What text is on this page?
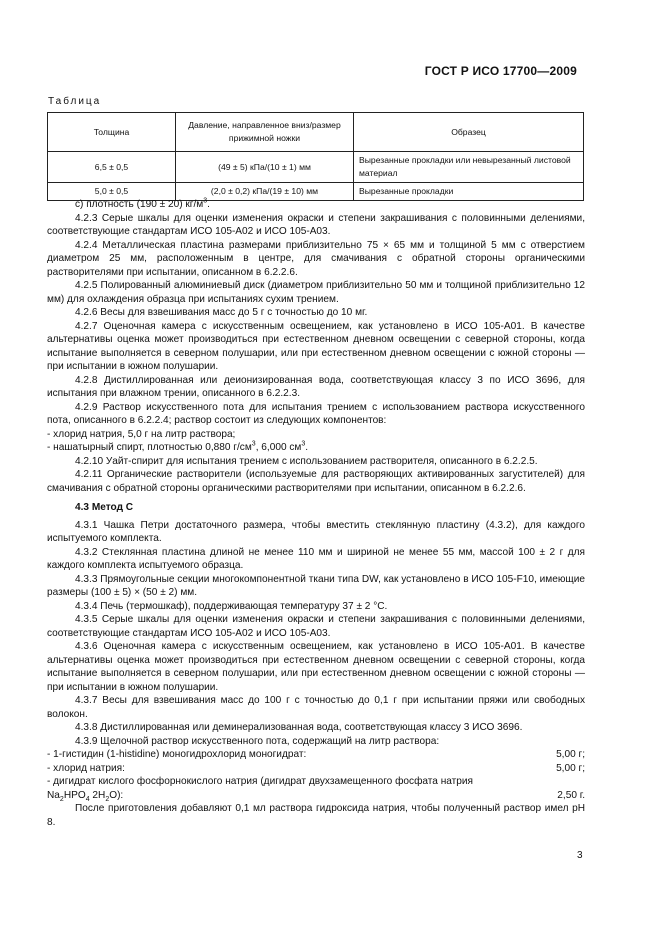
ГОСТ Р ИСО 17700—2009
Таблица
Толщина	Давление, направленное вниз/размер прижимной ножки	Образец
6,5 ± 0,5	(49 ± 5) кПа/(10 ± 1) мм	Вырезанные прокладки или невырезанный листовой материал
5,0 ± 0,5	(2,0 ± 0,2) кПа/(19 ± 10) мм	Вырезанные прокладки

с) плотность (190 ± 20) $кг/м^3$.

4.2.3 Серые шкалы для оценки изменения окраски и степени закрашивания с половинными делениями, соответствующие стандартам ИСО 105-А02 и ИСО 105-А03.

4.2.4 Металлическая пластина размерами приблизительно 75 × 65 мм и толщиной 5 мм с отверстием диаметром 25 мм, расположенным в центре, для смачивания с обратной стороны органическими растворителями при испытании, описанном в 6.2.2.6.

4.2.5 Полированный алюминиевый диск (диаметром приблизительно 50 мм и толщиной приблизительно 12 мм) для охлаждения образца при испытаниях сухим трением.

4.2.6 Весы для взвешивания масс до 5 г с точностью до 10 мг.

4.2.7 Оценочная камера с искусственным освещением, как установлено в ИСО 105-А01. В качестве альтернативы оценка может производиться при естественном дневном освещении с северной стороны, когда испытание выполняется в северном полушарии, или при естественном дневном освещении с южной стороны — при испытании в южном полушарии.

4.2.8 Дистиллированная или деионизированная вода, соответствующая классу 3 по ИСО 3696, для испытания при влажном трении, описанного в 6.2.2.3.

4.2.9 Раствор искусственного пота для испытания трением с использованием раствора искусственного пота, описанного в 6.2.2.4; раствор состоит из следующих компонентов:

- хлорид натрия, 5,0 г на литр раствора;

- нашатырный спирт, плотностью 0,880 $г/см^3$, 6,000 $см^3$.

4.2.10 Уайт-спирит для испытания трением с использованием растворителя, описанного в 6.2.2.5.

4.2.11 Органические растворители (используемые для растворяющих активированных загустителей) для смачивания с обратной стороны органическими растворителями при испытании, описанном в 6.2.2.6.

4.3 Метод С

4.3.1 Чашка Петри достаточного размера, чтобы вместить стеклянную пластину (4.3.2), для каждого испытуемого комплекта.

4.3.2 Стеклянная пластина длиной не менее 110 мм и шириной не менее 55 мм, массой 100 ± 2 г для каждого комплекта испытуемого образца.

4.3.3 Прямоугольные секции многокомпонентной ткани типа DW, как установлено в ИСО 105-F10, имеющие размеры (100 ± 5) × (50 ± 2) мм.

4.3.4 Печь (термошкаф), поддерживающая температуру 37 ± 2 °С.

4.3.5 Серые шкалы для оценки изменения окраски и степени закрашивания с половинными делениями, соответствующие стандартам ИСО 105-А02 и ИСО 105-А03.

4.3.6 Оценочная камера с искусственным освещением, как установлено в ИСО 105-А01. В качестве альтернативы оценка может производиться при естественном дневном освещении с северной стороны, когда испытание выполняется в северном полушарии, или при естественном дневном освещении с южной стороны — при испытании в южном полушарии.

4.3.7 Весы для взвешивания масс до 100 г с точностью до 0,1 г при испытании пряжи или свободных волокон.

4.3.8 Дистиллированная или деминерализованная вода, соответствующая классу 3 ИСО 3696.

4.3.9 Щелочной раствор искусственного пота, содержащий на литр раствора:

- 1-гистидин (1-histidine) моногидрохлорид моногидрат:	5,00 г;
- хлорид натрия:	5,00 г;

- дигидрат кислого фосфорнокислого натрия (дигидрат двухзамещенного фосфата натрия

$Na_2HPO_4$ $2H_2O$):	2,50 г.

После приготовления добавляют 0,1 мл раствора гидроксида натрия, чтобы полученный раствор имел рН 8.

3
